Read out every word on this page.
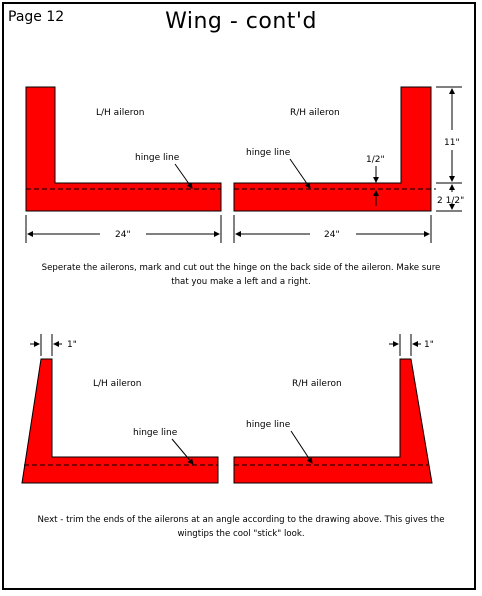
Page 12	Wing - cont'd
L/H aileron	R/H aileron
hinge line	hinge line
1/2"
11"
2 1/2"
24"	24"
L/H aileron	R/H aileron
hinge line
hinge line
1"	1"
Seperate the ailerons, mark and cut out the hinge on the back side of the aileron. Make sure
that you make a left and a right.
Next - trim the ends of the ailerons at an angle according to the drawing above. This gives the
wingtips the cool "stick" look.
